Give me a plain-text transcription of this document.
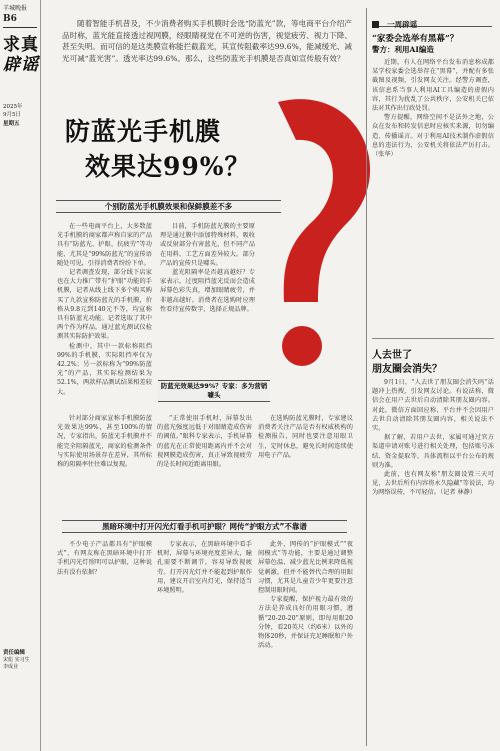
羊城晚报
B6
求真
辟谣
2025年
9月5日
星期五
责任编辑
宋彪 实习生 李成业
随着智能手机普及，不少消费者购买手机膜时会选“防蓝光”款，等电商平台介绍产品时称，蓝光能直接透过视网膜，经眼睛视觉在不可逆的伤害，视觉疲劳、视力下降、甚至失明。而可信的是这类膜宣称能拦截蓝光，其宣传阻截率达99.6%，能减缓光、减光可减“蓝光害”。透光率达99.6%。那么，这些防蓝光手机膜是否真如宣传般有效？
防蓝光手机膜
效果达99%？
个别防蓝光手机膜效果和保鲜膜差不多
在一些电商平台上，大多数蓝光手机膜的商家都声称自家的产品具有“防蓝光、护眼、抗疲劳”等功能，尤其是“99%防蓝光”的宣传语随处可见，引得消费者纷纷下单。
记者调查发现，部分线下店家也在大力推广带有“护眼”功能的手机膜，记者从线上线下多个购买购买了九款宣称防蓝光的手机膜，价格从9.8元到140元不等，均宣称具有防蓝光功能。记者选取了其中两个作为样品，通过蓝光测试仪检测其实际防护效果。
检测中，其中一款标称阻挡99%的手机膜，实际阻挡率仅为42.2%；另一款标称为“99%防蓝光”的产品，其实际检测结果为52.1%，两款样品测试结果相差较大。
目前，手机防蓝光膜的主要原理是通过膜中添加特殊材料，吸收或反射部分有害蓝光，但不同产品在用料、工艺方面差异较大。部分产品的宣传只是噱头。
蓝光阻隔率是否越高越好？专家表示，过度阻挡蓝光反而会造成屏幕色彩失真，增加眼睛疲劳，并非越高越好。消费者在选购时应理性看待宣传数字，选择正规品牌。
防蓝光效果达99%？专家：多为营销噱头
针对部分商家宣称手机膜防蓝光效果达99%，甚至100%的情况，专家指出，防蓝光手机膜并不能完全阻隔蓝光，商家的检测条件与实际使用场景存在差异，其所标称的阻隔率往往难以复现。
“正常使用手机时，屏幕发出的蓝光强度远低于对眼睛造成伤害的阈值。”眼科专家表示，手机屏幕的蓝光在正常使用距离内并不会对视网膜造成伤害，真正导致视疲劳的是长时间近距离用眼。
在选购防蓝光膜时，专家建议消费者关注产品是否有权威机构的检测报告，同时也要注意用眼卫生，定时休息，避免长时间连续使用电子产品。
黑暗环境中打开闪光灯看手机可护眼？网传“护眼方式”不靠谱
不少电子产品都具有“护眼模式”，有网友称在黑暗环境中打开手机闪光灯照明可以护眼，这种说法有没有依据？
专家表示，在黑暗环境中看手机时，屏幕与环境亮度差异大，瞳孔需要不断调节，容易导致视疲劳。打开闪光灯并不能起到护眼作用，建议开启室内灯光，保持适当环境照明。
此外，网传的“护眼模式”“夜间模式”等功能，主要是通过调整屏幕色温、减少蓝光比例来降低视觉刺激，但并不能替代合理的用眼习惯，尤其是儿童青少年更要注意控制用眼时间。
专家提醒，保护视力最有效的方法是养成良好的用眼习惯，遵循“20-20-20”原则，即每用眼20分钟，看20英尺（约6米）以外的物体20秒，并保证充足睡眠和户外活动。
一周辟谣
“家委会选举有黑幕”？
警方：利用AI编造
近期，有人在网络平台发布消息称成都某学校家委会选举存在“黑幕”，并配有多张截图及视频，引发网友关注。经警方调查，该信息系当事人利用AI工具编造的虚假内容，其行为扰乱了公共秩序，公安机关已依法对其作出行政处罚。
警方提醒，网络空间不是法外之地，公众在发布和转发信息时应核实来源，切勿编造、传播谣言。对于利用AI技术制作虚假信息的违法行为，公安机关将依法严厉打击。（张华）
人去世了
朋友圈会消失？
9月1日，“人去世了朋友圈会消失吗”话题冲上热搜，引发网友讨论。有说法称，微信会在用户去世后自动清除其朋友圈内容。对此，微信方面回应称，平台并不会因用户去世自动清除其朋友圈内容，相关说法不实。
据了解，若用户去世，家属可通过官方渠道申请对账号进行相关处理，包括账号冻结、资金提取等，具体流程以平台公布的规则为准。
此前，也有网友称“朋友圈设置三天可见，去世后所有内容将永久隐藏”等说法，均为网络误传，不可轻信。（记者 林静）
